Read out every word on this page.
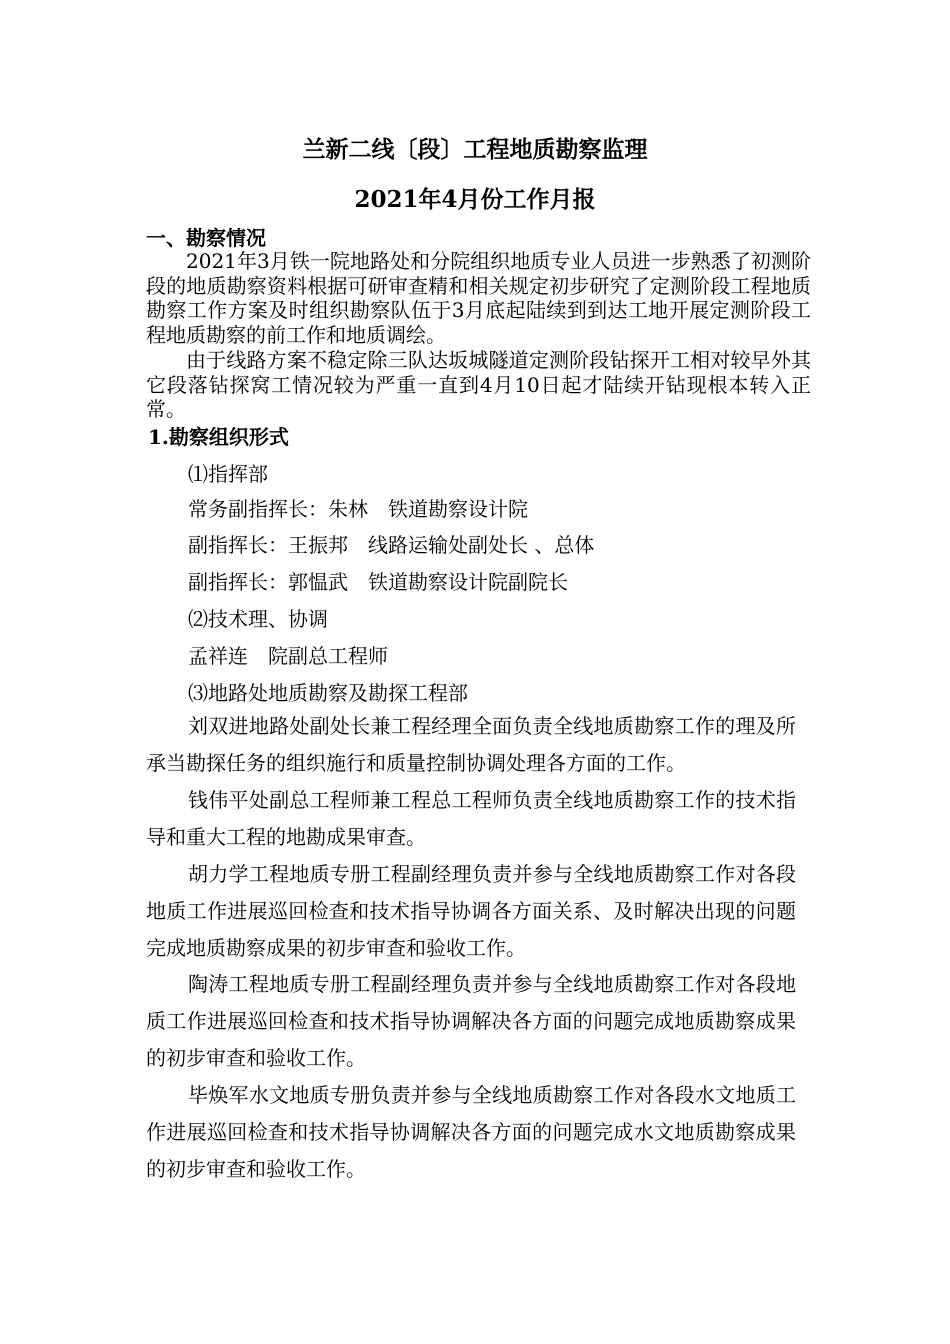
兰新二线〔段〕工程地质勘察监理
2021年4月份工作月报
一、勘察情况

2021年3月铁一院地路处和分院组织地质专业人员进一步熟悉了初测阶段的地质勘察资料根据可研审查精和相关规定初步研究了定测阶段工程地质勘察工作方案及时组织勘察队伍于3月底起陆续到到达工地开展定测阶段工程地质勘察的前工作和地质调绘。

由于线路方案不稳定除三队达坂城隧道定测阶段钻探开工相对较早外其它段落钻探窝工情况较为严重一直到4月10日起才陆续开钻现根本转入正常。

1.勘察组织形式
⑴指挥部
常务副指挥长：朱林　铁道勘察设计院
副指挥长：王振邦　线路运输处副处长 、总体
副指挥长：郭愠武　铁道勘察设计院副院长
⑵技术理、协调
孟祥连　院副总工程师
⑶地路处地质勘察及勘探工程部

刘双进地路处副处长兼工程经理全面负责全线地质勘察工作的理及所承当勘探任务的组织施行和质量控制协调处理各方面的工作。

钱伟平处副总工程师兼工程总工程师负责全线地质勘察工作的技术指导和重大工程的地勘成果审查。

胡力学工程地质专册工程副经理负责并参与全线地质勘察工作对各段地质工作进展巡回检查和技术指导协调各方面关系、及时解决出现的问题完成地质勘察成果的初步审查和验收工作。

陶涛工程地质专册工程副经理负责并参与全线地质勘察工作对各段地质工作进展巡回检查和技术指导协调解决各方面的问题完成地质勘察成果的初步审查和验收工作。

毕焕军水文地质专册负责并参与全线地质勘察工作对各段水文地质工作进展巡回检查和技术指导协调解决各方面的问题完成水文地质勘察成果的初步审查和验收工作。
